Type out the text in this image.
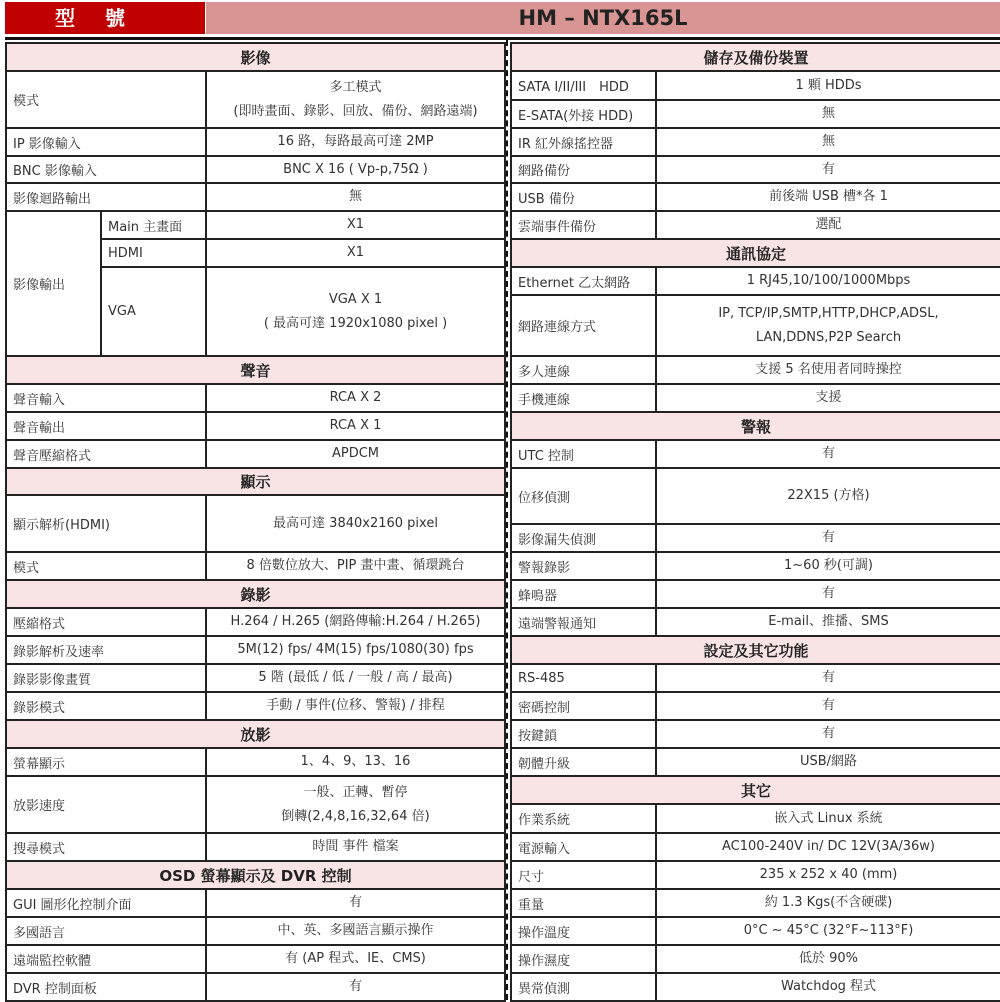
型號	HM – NTX165L
影像		
模式		多工模式
(即時畫面、錄影、回放、備份、網路遠端)

IP 影像輸入		16 路，每路最高可達 2MP

BNC 影像輸入		BNC X 16 ( Vp-p,75Ω )

影像迴路輸出		無

影像輸出	Main 主畫面	X1

	HDMI	X1

	VGA	VGA X 1
( 最高可達 1920x1080 pixel )

聲音		
聲音輸入		RCA X 2

聲音輸出		RCA X 1

聲音壓縮格式		APDCM

顯示		
顯示解析(HDMI)		最高可達 3840x2160 pixel

模式		8 倍數位放大、PIP 畫中畫、循環跳台

錄影		
壓縮格式		H.264 / H.265 (網路傳輸:H.264 / H.265)

錄影解析及速率		5M(12) fps/ 4M(15) fps/1080(30) fps

錄影影像畫質		5 階 (最低 / 低 / 一般 / 高 / 最高)

錄影模式		手動 / 事件(位移、警報) / 排程

放影		
螢幕顯示		1、4、9、13、16

放影速度		一般、正轉、暫停
倒轉(2,4,8,16,32,64 倍)

搜尋模式		時間 事件 檔案

OSD 螢幕顯示及 DVR 控制		
GUI 圖形化控制介面		有

多國語言		中、英、多國語言顯示操作

遠端監控軟體		有 (AP 程式、IE、CMS)

DVR 控制面板		有
儲存及備份裝置	
SATA I/II/III　HDD	1 顆 HDDs

E-SATA(外接 HDD)	無

IR 紅外線搖控器	無

網路備份	有

USB 備份	前後端 USB 槽*各 1

雲端事件備份	選配

通訊協定	
Ethernet 乙太網路	1 RJ45,10/100/1000Mbps

網路連線方式	IP, TCP/IP,SMTP,HTTP,DHCP,ADSL,
LAN,DDNS,P2P Search

多人連線	支援 5 名使用者同時操控

手機連線	支援

警報	
UTC 控制	有

位移偵測	22X15 (方格)

影像漏失偵測	有

警報錄影	1~60 秒(可調)

蜂鳴器	有

遠端警報通知	E-mail、推播、SMS

設定及其它功能	
RS-485	有

密碼控制	有

按鍵鎖	有

韌體升級	USB/網路

其它	
作業系統	嵌入式 Linux 系統

電源輸入	AC100-240V in/ DC 12V(3A/36w)

尺寸	235 x 252 x 40 (mm)

重量	約 1.3 Kgs(不含硬碟)

操作溫度	0°C ~ 45°C (32°F~113°F)

操作濕度	低於 90%

異常偵測	Watchdog 程式
